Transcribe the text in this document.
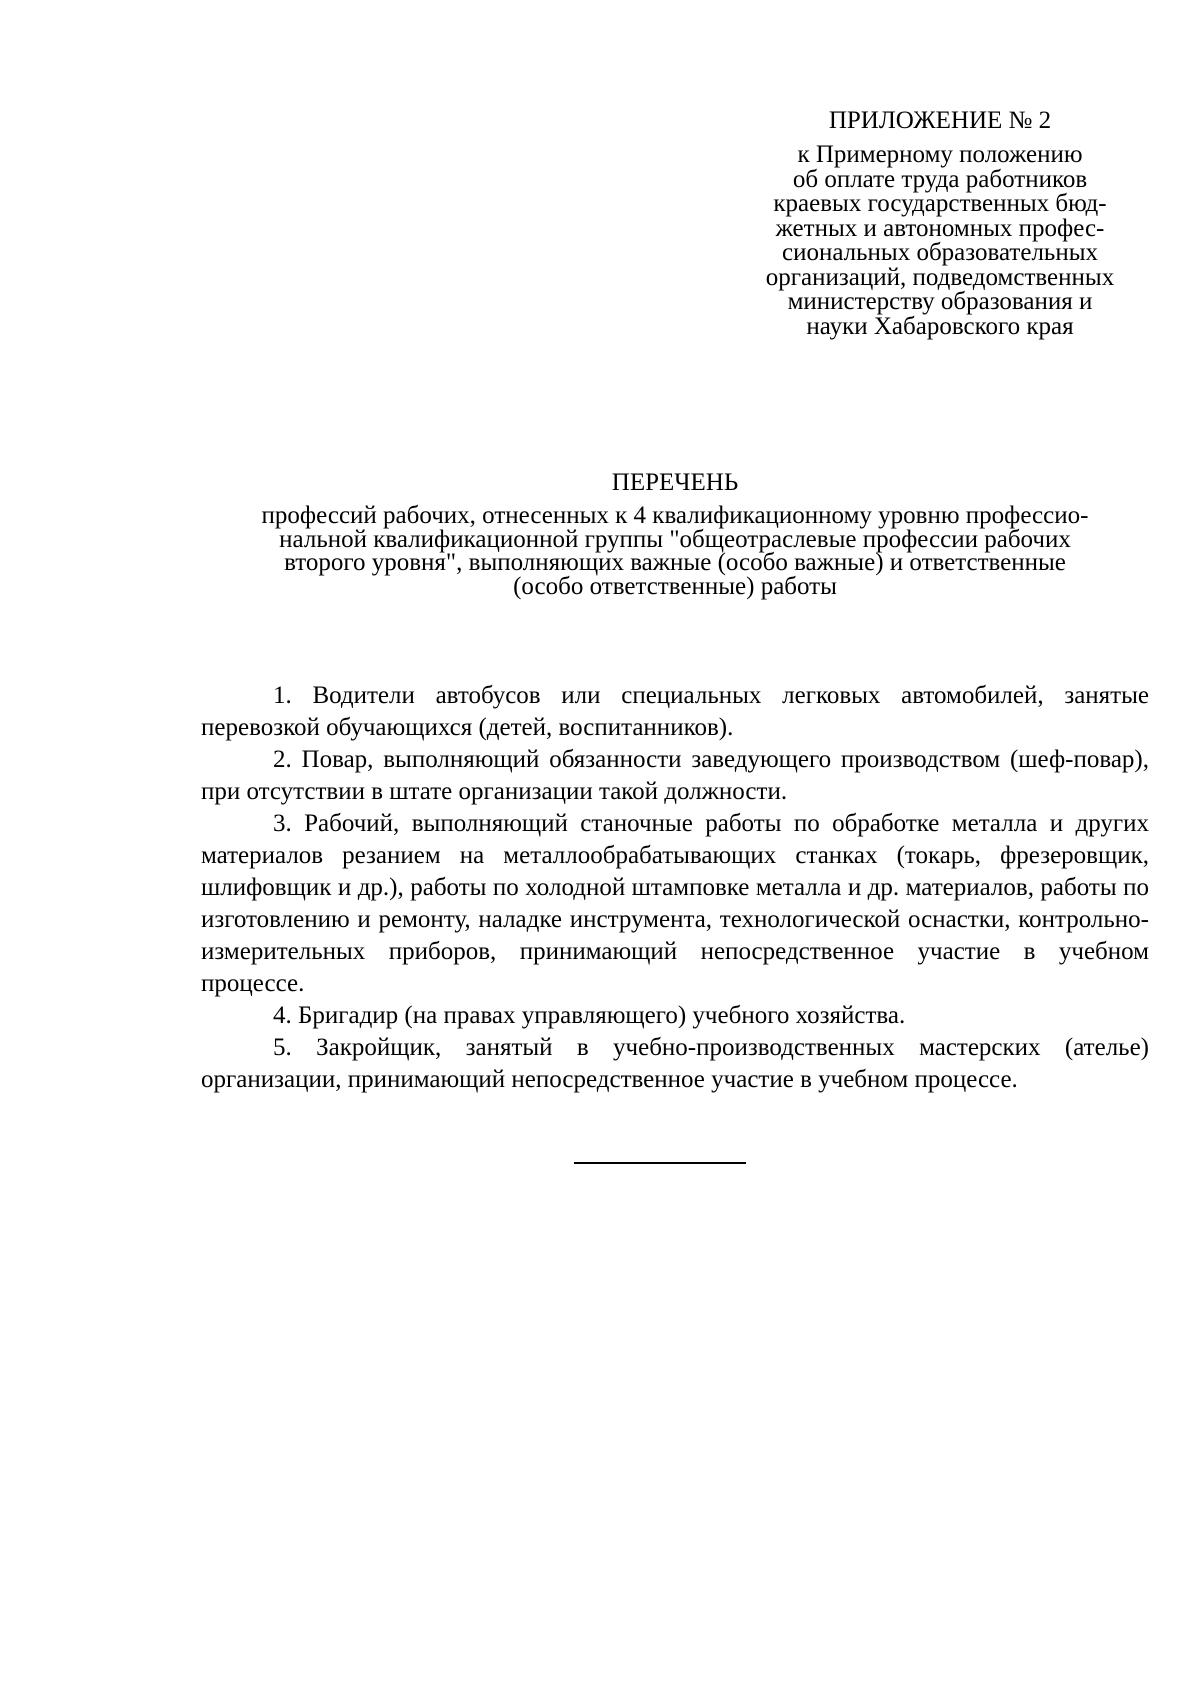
ПРИЛОЖЕНИЕ № 2
к Примерному положению
об оплате труда работников
краевых государственных бюд-
жетных и автономных профес-
сиональных образовательных
организаций, подведомственных
министерству образования и
науки Хабаровского края
ПЕРЕЧЕНЬ
профессий рабочих, отнесенных к 4 квалификационному уровню профессио-
нальной квалификационной группы "общеотраслевые профессии рабочих
второго уровня", выполняющих важные (особо важные) и ответственные
(особо ответственные) работы

1. Водители автобусов или специальных легковых автомобилей, занятые перевозкой обучающихся (детей, воспитанников).

2. Повар, выполняющий обязанности заведующего производством (шеф-повар), при отсутствии в штате организации такой должности.

3. Рабочий, выполняющий станочные работы по обработке металла и других материалов резанием на металлообрабатывающих станках (токарь, фрезеровщик, шлифовщик и др.), работы по холодной штамповке металла и др. материалов, работы по изготовлению и ремонту, наладке инструмента, технологической оснастки, контрольно-измерительных приборов, принимающий непосредственное участие в учебном процессе.

4. Бригадир (на правах управляющего) учебного хозяйства.

5. Закройщик, занятый в учебно-производственных мастерских (ателье) организации, принимающий непосредственное участие в учебном процессе.
